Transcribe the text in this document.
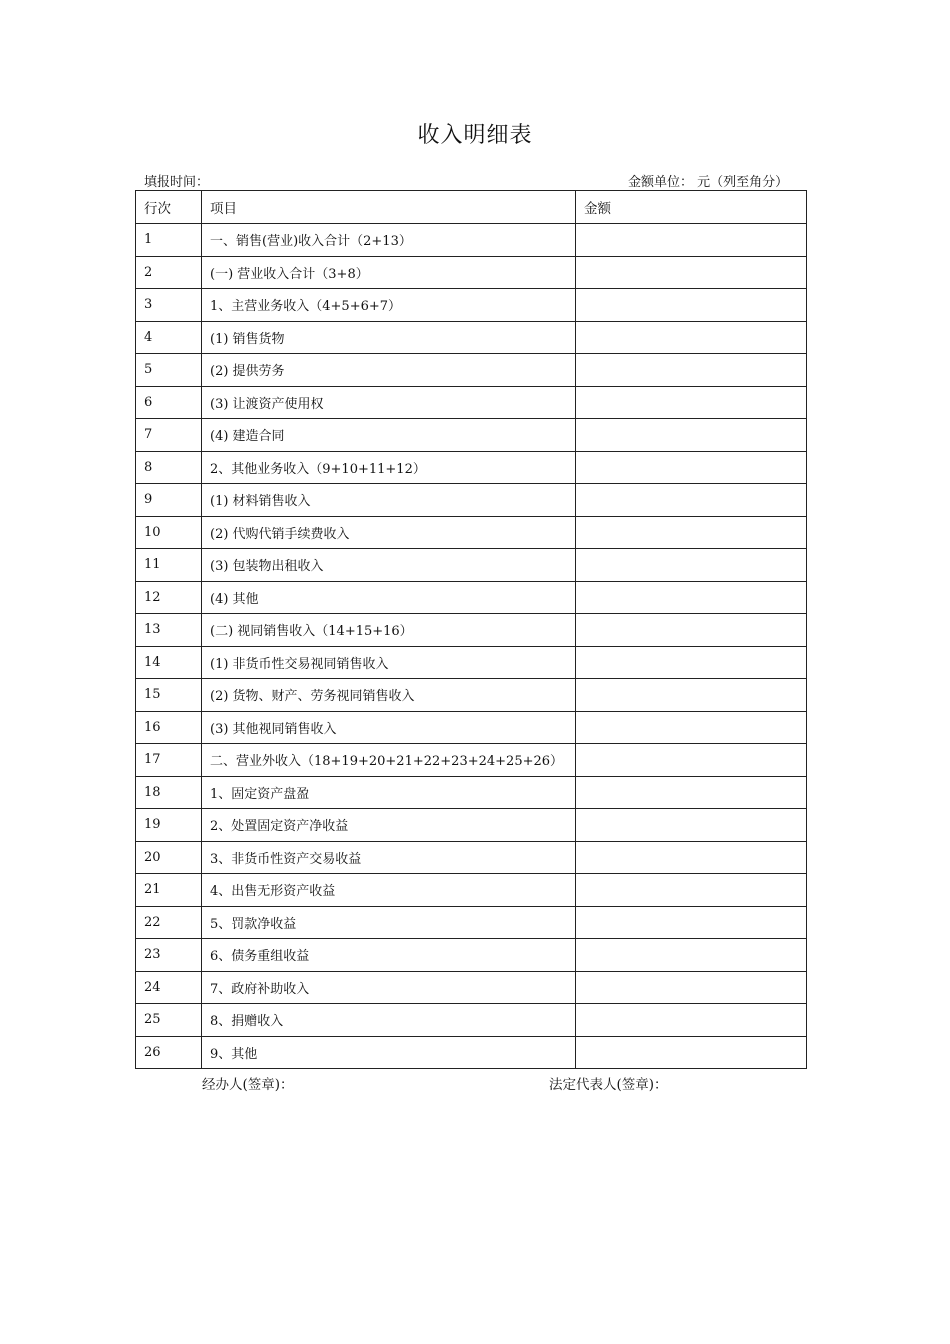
收入明细表
填报时间：	金额单位： 元（列至角分）
行次	项目	金额
1	一、销售(营业)收入合计（2+13）	
2	(一) 营业收入合计（3+8）	
3	1、主营业务收入（4+5+6+7）	
4	(1) 销售货物	
5	(2) 提供劳务	
6	(3) 让渡资产使用权	
7	(4) 建造合同	
8	2、其他业务收入（9+10+11+12）	
9	(1) 材料销售收入	
10	(2) 代购代销手续费收入	
11	(3) 包装物出租收入	
12	(4) 其他	
13	(二) 视同销售收入（14+15+16）	
14	(1) 非货币性交易视同销售收入	
15	(2) 货物、财产、劳务视同销售收入	
16	(3) 其他视同销售收入	
17	二、营业外收入（18+19+20+21+22+23+24+25+26）	
18	1、固定资产盘盈	
19	2、处置固定资产净收益	
20	3、非货币性资产交易收益	
21	4、出售无形资产收益	
22	5、罚款净收益	
23	6、债务重组收益	
24	7、政府补助收入	
25	8、捐赠收入	
26	9、其他	
经办人(签章)：	法定代表人(签章)：
